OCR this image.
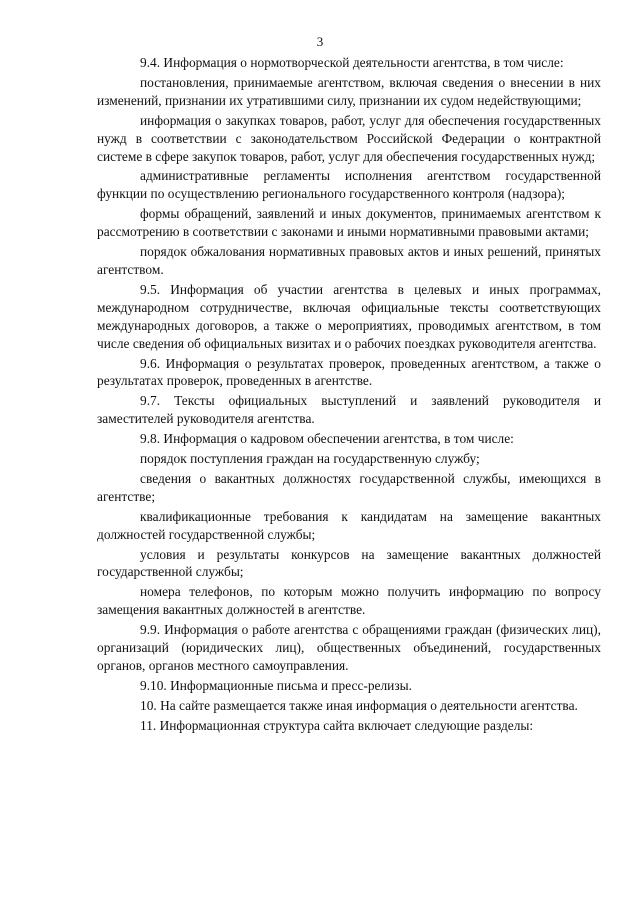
3

9.4. Информация о нормотворческой деятельности агентства, в том числе:

постановления, принимаемые агентством, включая сведения о внесении в них изменений, признании их утратившими силу, признании их судом недействующими;

информация о закупках товаров, работ, услуг для обеспечения государственных нужд в соответствии с законодательством Российской Федерации о контрактной системе в сфере закупок товаров, работ, услуг для обеспечения государственных нужд;

административные регламенты исполнения агентством государственной функции по осуществлению регионального государственного контроля (надзора);

формы обращений, заявлений и иных документов, принимаемых агентством к рассмотрению в соответствии с законами и иными нормативными правовыми актами;

порядок обжалования нормативных правовых актов и иных решений, принятых агентством.

9.5. Информация об участии агентства в целевых и иных программах, международном сотрудничестве, включая официальные тексты соответствующих международных договоров, а также о мероприятиях, проводимых агентством, в том числе сведения об официальных визитах и о рабочих поездках руководителя агентства.

9.6. Информация о результатах проверок, проведенных агентством, а также о результатах проверок, проведенных в агентстве.

9.7. Тексты официальных выступлений и заявлений руководителя и заместителей руководителя агентства.

9.8. Информация о кадровом обеспечении агентства, в том числе:

порядок поступления граждан на государственную службу;

сведения о вакантных должностях государственной службы, имеющихся в агентстве;

квалификационные требования к кандидатам на замещение вакантных должностей государственной службы;

условия и результаты конкурсов на замещение вакантных должностей государственной службы;

номера телефонов, по которым можно получить информацию по вопросу замещения вакантных должностей в агентстве.

9.9. Информация о работе агентства с обращениями граждан (физических лиц), организаций (юридических лиц), общественных объединений, государственных органов, органов местного самоуправления.

9.10. Информационные письма и пресс-релизы.

10. На сайте размещается также иная информация о деятельности агентства.

11. Информационная структура сайта включает следующие разделы:
